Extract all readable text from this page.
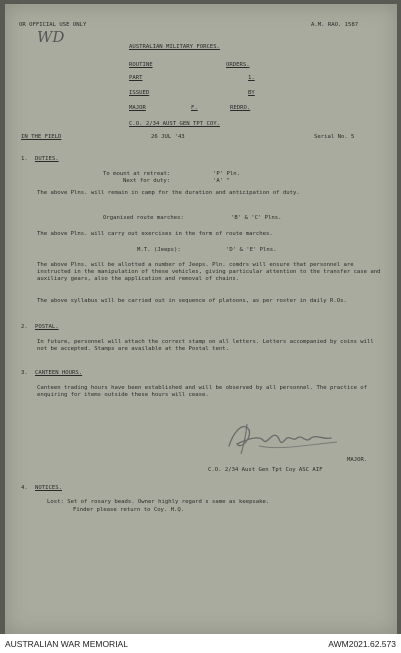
OR OFFICIAL USE ONLY	A.M. RAO. 1587
WD
AUSTRALIAN MILITARY FORCES.
ROUTINE	ORDERS.
PART	1.
ISSUED	BY
MAJOR	F.	REDRO.
C.O. 2/34 AUST GEN TPT COY.
IN THE FIELD	26 JUL '43	Serial No. 5
1. DUTIES.
To mount at retreat:	'P' Pln.
Next for duty:	'A' "
The above Plns. will remain in camp for the duration and anticipation of duty.
Organised route marches:	'B' & 'C' Plns.
The above Plns. will carry out exercises in the form of route marches.
M.T. (Jeeps):	'D' & 'E' Plns.
The above Plns. will be allotted a number of Jeeps. Pln. comdrs will ensure that personnel are instructed in the manipulation of these vehicles, giving particular attention to the transfer case and auxiliary gears, also the application and removal of chains.
The above syllabus will be carried out in sequence of platoons, as per roster in daily R.Os.
2. POSTAL.
In future, personnel will attach the correct stamp on all letters. Letters accompanied by coins will not be accepted. Stamps are available at the Postal tent.
3. CANTEEN HOURS.
Canteen trading hours have been established and will be observed by all personnel. The practice of enquiring for items outside these hours will cease.
MAJOR.
C.O. 2/34 Aust Gen Tpt Coy ASC AIF
4. NOTICES.
Lost: Set of rosary beads. Owner highly regard s same as keepsake.
Finder please return to Coy. H.Q.
AUSTRALIAN WAR MEMORIAL	AWM2021.62.573
